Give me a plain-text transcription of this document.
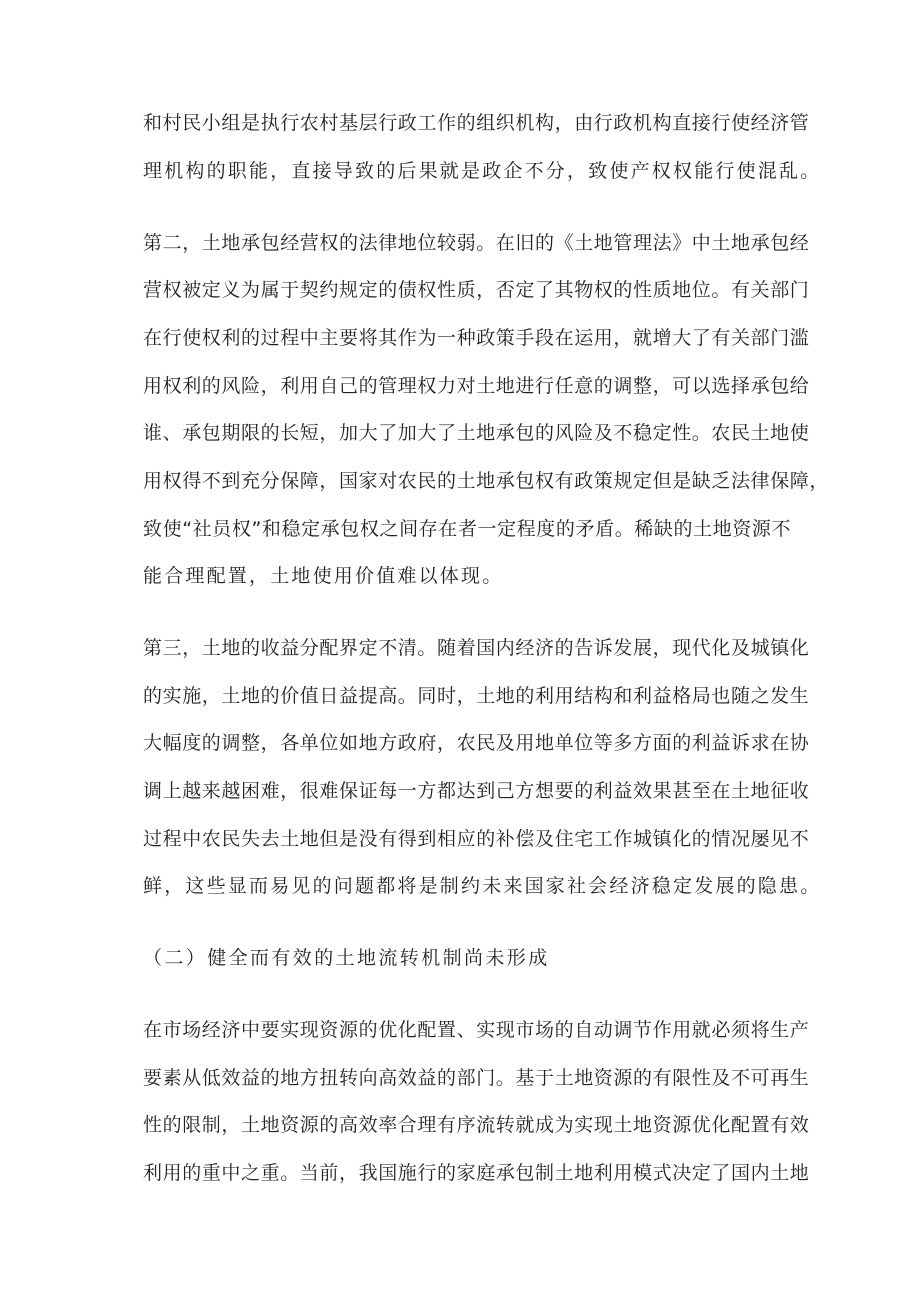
和村民小组是执行农村基层行政工作的组织机构，由行政机构直接行使经济管
理机构的职能，直接导致的后果就是政企不分，致使产权权能行使混乱。
第二，土地承包经营权的法律地位较弱。在旧的《土地管理法》中土地承包经
营权被定义为属于契约规定的债权性质，否定了其物权的性质地位。有关部门
在行使权利的过程中主要将其作为一种政策手段在运用，就增大了有关部门滥
用权利的风险，利用自己的管理权力对土地进行任意的调整，可以选择承包给
谁、承包期限的长短，加大了加大了土地承包的风险及不稳定性。农民土地使
用权得不到充分保障，国家对农民的土地承包权有政策规定但是缺乏法律保障，
致使“社员权”和稳定承包权之间存在者一定程度的矛盾。稀缺的土地资源不
能合理配置，土地使用价值难以体现。
第三，土地的收益分配界定不清。随着国内经济的告诉发展，现代化及城镇化
的实施，土地的价值日益提高。同时，土地的利用结构和利益格局也随之发生
大幅度的调整，各单位如地方政府，农民及用地单位等多方面的利益诉求在协
调上越来越困难，很难保证每一方都达到己方想要的利益效果甚至在土地征收
过程中农民失去土地但是没有得到相应的补偿及住宅工作城镇化的情况屡见不
鲜，这些显而易见的问题都将是制约未来国家社会经济稳定发展的隐患。
（二）健全而有效的土地流转机制尚未形成
在市场经济中要实现资源的优化配置、实现市场的自动调节作用就必须将生产
要素从低效益的地方扭转向高效益的部门。基于土地资源的有限性及不可再生
性的限制，土地资源的高效率合理有序流转就成为实现土地资源优化配置有效
利用的重中之重。当前，我国施行的家庭承包制土地利用模式决定了国内土地
